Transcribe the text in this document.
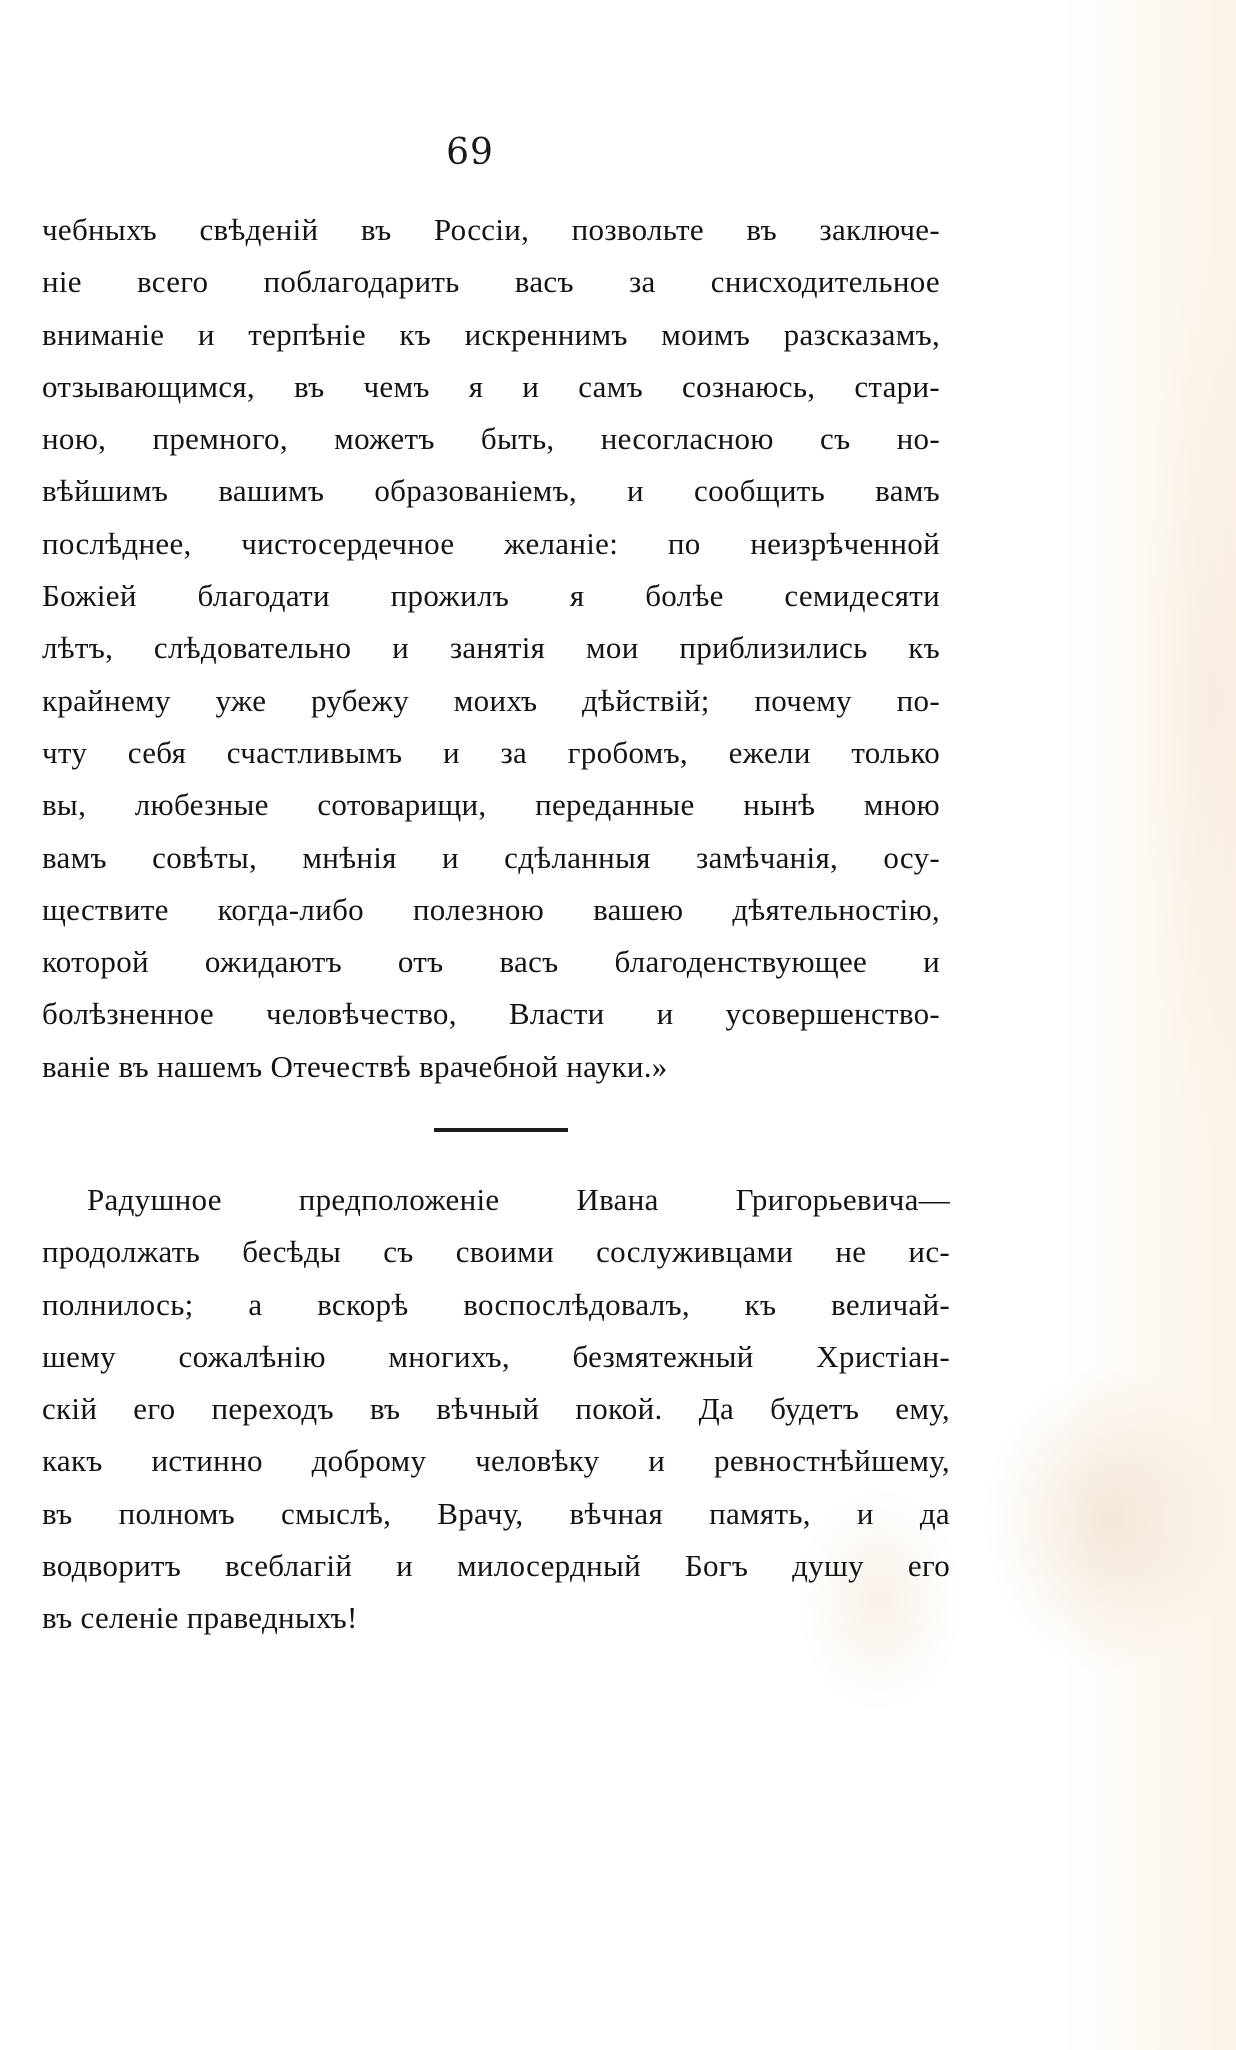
69
чебныхъ свѣденій въ Россіи, позвольте въ заключе-
ніе всего поблагодарить васъ за снисходительное
вниманіе и терпѣніе къ искреннимъ моимъ разсказамъ,
отзывающимся, въ чемъ я и самъ сознаюсь, стари-
ною, премного, можетъ быть, несогласною съ но-
вѣйшимъ вашимъ образованіемъ, и сообщить вамъ
послѣднее, чистосердечное желаніе: по неизрѣченной
Божіей благодати прожилъ я болѣе семидесяти
лѣтъ, слѣдовательно и занятія мои приблизились къ
крайнему уже рубежу моихъ дѣйствій; почему по-
чту себя счастливымъ и за гробомъ, ежели только
вы, любезные сотоварищи, переданные нынѣ мною
вамъ совѣты, мнѣнія и сдѣланныя замѣчанія, осу-
ществите когда-либо полезною вашею дѣятельностію,
которой ожидаютъ отъ васъ благоденствующее и
болѣзненное человѣчество, Власти и усовершенство-
ваніе въ нашемъ Отечествѣ врачебной науки.»
Радушное предположеніе Ивана Григорьевича—
продолжать бесѣды съ своими сослуживцами не ис-
полнилось; а вскорѣ воспослѣдовалъ, къ величай-
шему сожалѣнію многихъ, безмятежный Христіан-
скій его переходъ въ вѣчный покой. Да будетъ ему,
какъ истинно доброму человѣку и ревностнѣйшему,
въ полномъ смыслѣ, Врачу, вѣчная память, и да
водворитъ всеблагій и милосердный Богъ душу его
въ селеніе праведныхъ!
